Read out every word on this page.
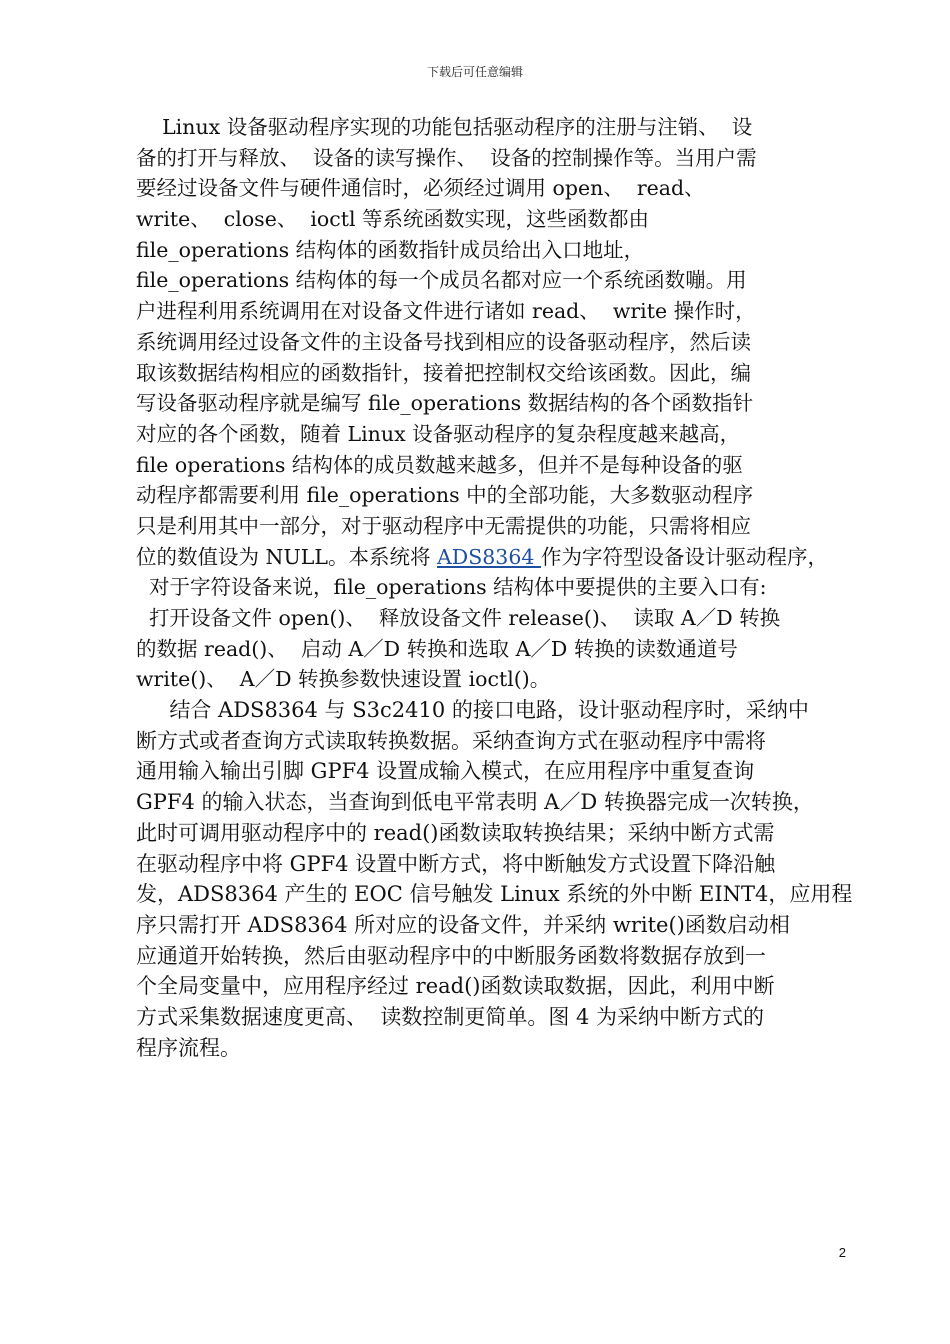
下载后可任意编辑
Linux 设备驱动程序实现的功能包括驱动程序的注册与注销、  设
备的打开与释放、  设备的读写操作、  设备的控制操作等。当用户需
要经过设备文件与硬件通信时，必须经过调用 open、  read、
write、  close、  ioctl 等系统函数实现，这些函数都由
file_operations 结构体的函数指针成员给出入口地址，
file_operations 结构体的每一个成员名都对应一个系统函数嘣。用
户进程利用系统调用在对设备文件进行诸如 read、  write 操作时，
系统调用经过设备文件的主设备号找到相应的设备驱动程序，然后读
取该数据结构相应的函数指针，接着把控制权交给该函数。因此，编
写设备驱动程序就是编写 file_operations 数据结构的各个函数指针
对应的各个函数，随着 Linux 设备驱动程序的复杂程度越来越高，
file operations 结构体的成员数越来越多，但并不是每种设备的驱
动程序都需要利用 file_operations 中的全部功能，大多数驱动程序
只是利用其中一部分，对于驱动程序中无需提供的功能，只需将相应
位的数值设为 NULL。本系统将 ADS8364 作为字符型设备设计驱动程序，
对于字符设备来说，file_operations 结构体中要提供的主要入口有:
打开设备文件 open()、  释放设备文件 release()、  读取 A／D 转换
的数据 read()、  启动 A／D 转换和选取 A／D 转换的读数通道号
write()、  A／D 转换参数快速设置 ioctl()。
结合 ADS8364 与 S3c2410 的接口电路，设计驱动程序时，采纳中
断方式或者查询方式读取转换数据。采纳查询方式在驱动程序中需将
通用输入输出引脚 GPF4 设置成输入模式，在应用程序中重复查询
GPF4 的输入状态，当查询到低电平常表明 A／D 转换器完成一次转换，
此时可调用驱动程序中的 read()函数读取转换结果；采纳中断方式需
在驱动程序中将 GPF4 设置中断方式，将中断触发方式设置下降沿触
发，ADS8364 产生的 EOC 信号触发 Linux 系统的外中断 EINT4，应用程
序只需打开 ADS8364 所对应的设备文件，并采纳 write()函数启动相
应通道开始转换，然后由驱动程序中的中断服务函数将数据存放到一
个全局变量中，应用程序经过 read()函数读取数据，因此，利用中断
方式采集数据速度更高、  读数控制更简单。图 4 为采纳中断方式的
程序流程。
2
